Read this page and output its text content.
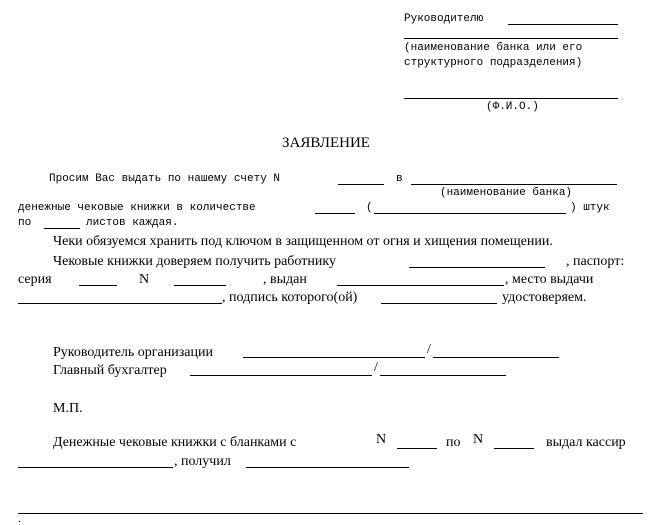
Руководителю
(наименование банка или его
структурного подразделения)
(Ф.И.О.)
ЗАЯВЛЕНИЕ
Просим Вас выдать по нашему счету N	в
(наименование банка)
денежные чековые книжки в количестве	(	) штук
по	листов каждая.
Чеки обязуемся хранить под ключом в защищенном от огня и хищения помещении.
Чековые книжки доверяем получить работнику	, паспорт:
серия	N	, выдан	, место выдачи
, подпись которого(ой)	удостоверяем.
Руководитель организации	/
Главный бухгалтер	/
М.П.
Денежные чековые книжки с бланками с	N	по N	выдал кассир
, получил
.
